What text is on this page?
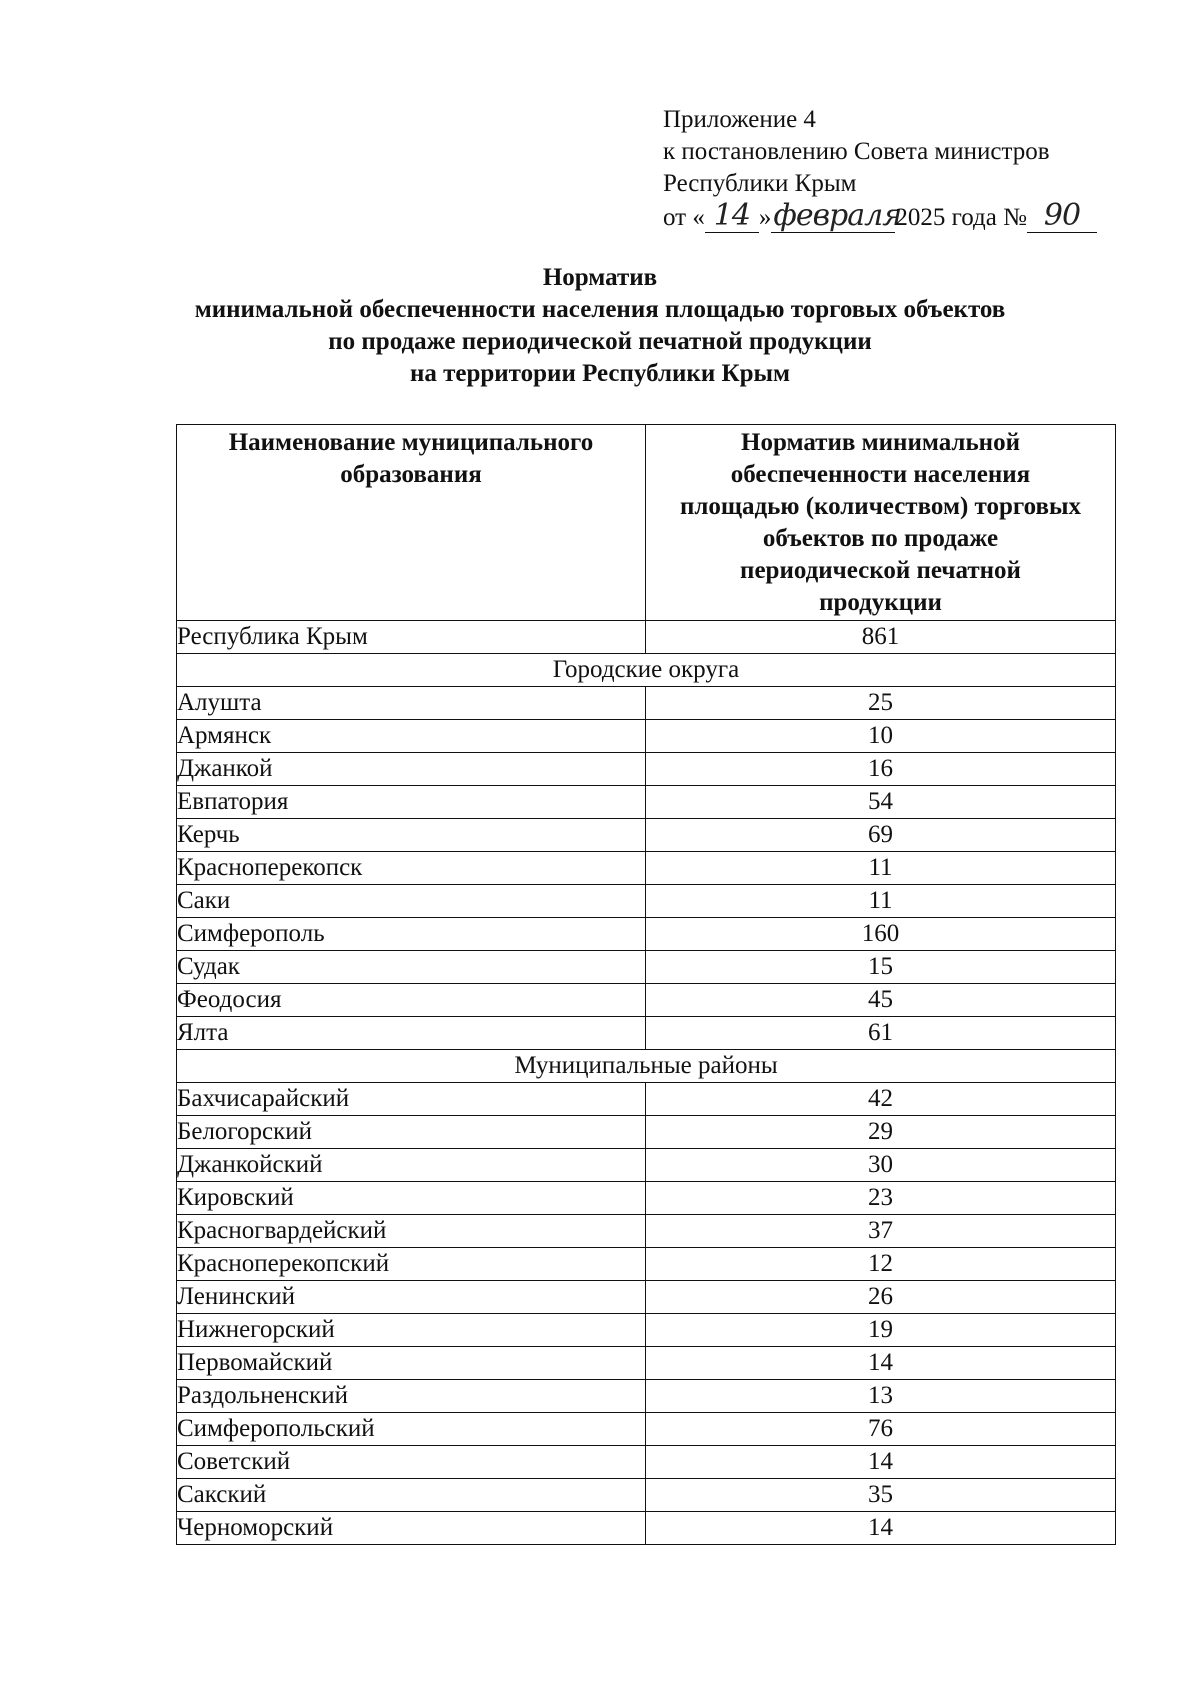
Приложение 4
к постановлению Совета министров
Республики Крым
от « 14 »февраля2025 года № 90
Норматив
минимальной обеспеченности населения площадью торговых объектов
по продаже периодической печатной продукции
на территории Республики Крым
Наименование муниципального образования	Норматив минимальной обеспеченности населения площадью (количеством) торговых объектов по продаже периодической печатной продукции

Республика Крым	861
Городские округа	
Алушта	25
Армянск	10
Джанкой	16
Евпатория	54
Керчь	69
Красноперекопск	11
Саки	11
Симферополь	160
Судак	15
Феодосия	45
Ялта	61
Муниципальные районы	
Бахчисарайский	42
Белогорский	29
Джанкойский	30
Кировский	23
Красногвардейский	37
Красноперекопский	12
Ленинский	26
Нижнегорский	19
Первомайский	14
Раздольненский	13
Симферопольский	76
Советский	14
Сакский	35
Черноморский	14
